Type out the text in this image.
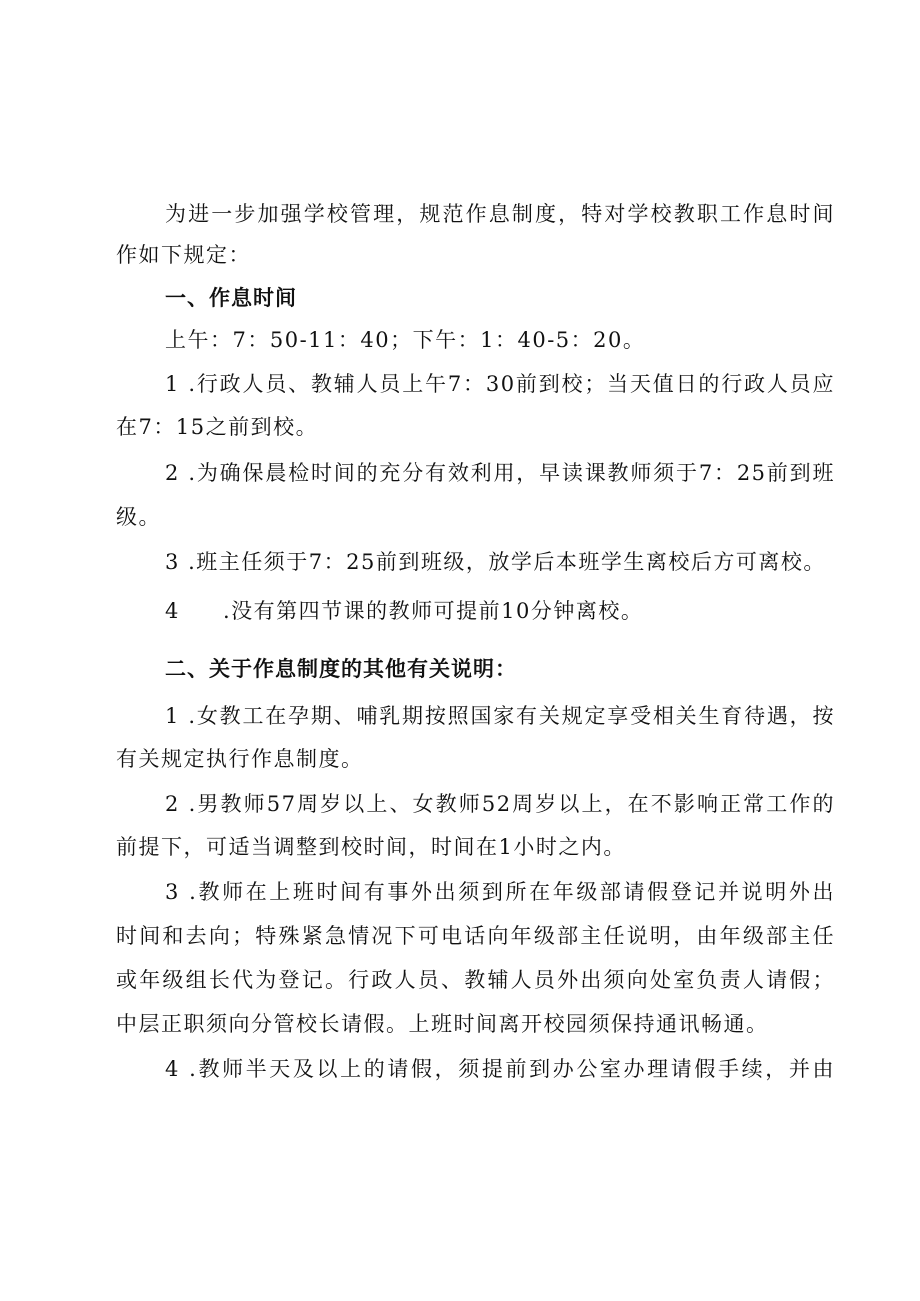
为进一步加强学校管理，规范作息制度，特对学校教职工作息时间
作如下规定：
一、作息时间
上午：7：50-11：40；下午：1：40-5：20。
1 .行政人员、教辅人员上午7：30前到校；当天值日的行政人员应
在7：15之前到校。
2 .为确保晨检时间的充分有效利用，早读课教师须于7：25前到班
级。
3 .班主任须于7：25前到班级，放学后本班学生离校后方可离校。
4 .没有第四节课的教师可提前10分钟离校。
二、关于作息制度的其他有关说明：
1 .女教工在孕期、哺乳期按照国家有关规定享受相关生育待遇，按
有关规定执行作息制度。
2 .男教师57周岁以上、女教师52周岁以上，在不影响正常工作的
前提下，可适当调整到校时间，时间在1小时之内。
3 .教师在上班时间有事外出须到所在年级部请假登记并说明外出
时间和去向；特殊紧急情况下可电话向年级部主任说明，由年级部主任
或年级组长代为登记。行政人员、教辅人员外出须向处室负责人请假；
中层正职须向分管校长请假。上班时间离开校园须保持通讯畅通。
4 .教师半天及以上的请假，须提前到办公室办理请假手续，并由
